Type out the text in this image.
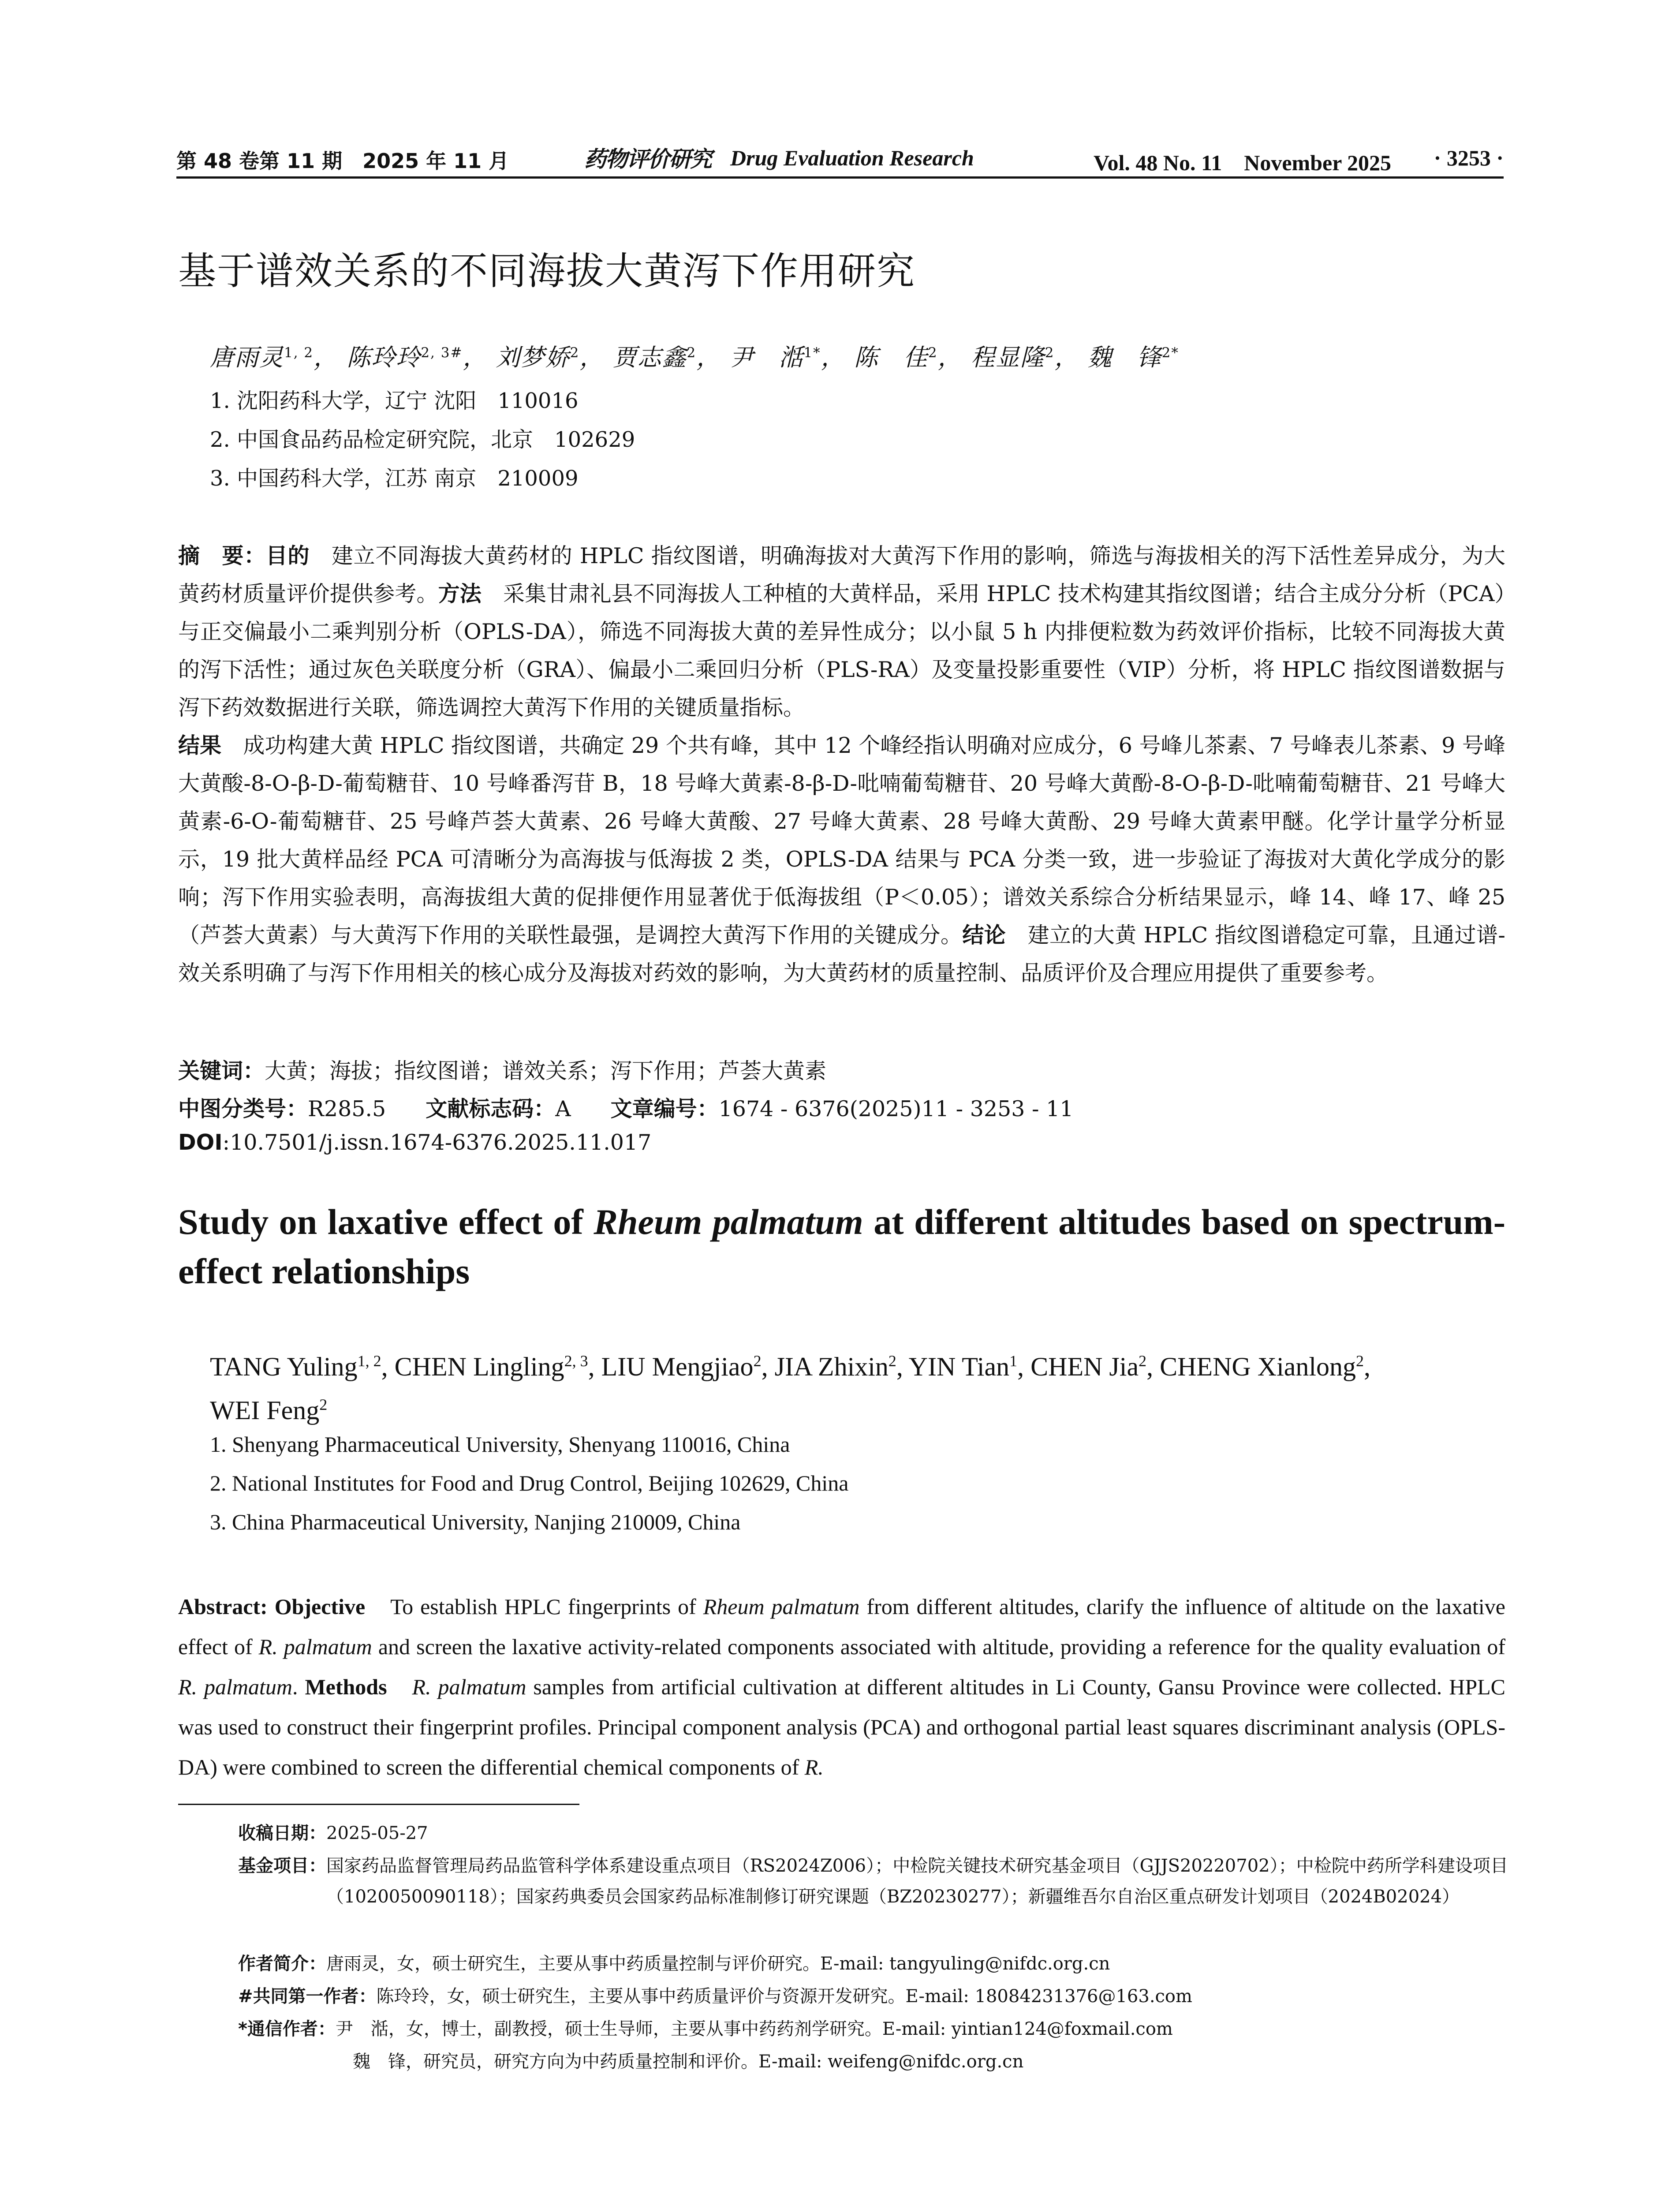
第 48 卷第 11 期　2025 年 11 月	药物评价研究 Drug Evaluation Research	Vol. 48 No. 11　November 2025 · 3253 ·
基于谱效关系的不同海拔大黄泻下作用研究
唐雨灵$^{1, 2}$， 陈玲玲$^{2, 3\#}$， 刘梦娇$^2$， 贾志鑫$^2$， 尹　湉$^{1*}$， 陈　佳$^2$， 程显隆$^2$， 魏　锋$^{2*}$
1. 沈阳药科大学，辽宁 沈阳　110016
2. 中国食品药品检定研究院，北京　102629
3. 中国药科大学，江苏 南京　210009
摘　要：目的　建立不同海拔大黄药材的 HPLC 指纹图谱，明确海拔对大黄泻下作用的影响，筛选与海拔相关的泻下活性差异成分，为大黄药材质量评价提供参考。方法　采集甘肃礼县不同海拔人工种植的大黄样品，采用 HPLC 技术构建其指纹图谱；结合主成分分析（PCA）与正交偏最小二乘判别分析（OPLS-DA），筛选不同海拔大黄的差异性成分；以小鼠 5 h 内排便粒数为药效评价指标，比较不同海拔大黄的泻下活性；通过灰色关联度分析（GRA）、偏最小二乘回归分析（PLS-RA）及变量投影重要性（VIP）分析，将 HPLC 指纹图谱数据与泻下药效数据进行关联，筛选调控大黄泻下作用的关键质量指标。
结果　成功构建大黄 HPLC 指纹图谱，共确定 29 个共有峰，其中 12 个峰经指认明确对应成分，6 号峰儿茶素、7 号峰表儿茶素、9 号峰大黄酸-8-O-β-D-葡萄糖苷、10 号峰番泻苷 B，18 号峰大黄素-8-β-D-吡喃葡萄糖苷、20 号峰大黄酚-8-O-β-D-吡喃葡萄糖苷、21 号峰大黄素-6-O-葡萄糖苷、25 号峰芦荟大黄素、26 号峰大黄酸、27 号峰大黄素、28 号峰大黄酚、29 号峰大黄素甲醚。化学计量学分析显示，19 批大黄样品经 PCA 可清晰分为高海拔与低海拔 2 类，OPLS-DA 结果与 PCA 分类一致，进一步验证了海拔对大黄化学成分的影响；泻下作用实验表明，高海拔组大黄的促排便作用显著优于低海拔组（P＜0.05）；谱效关系综合分析结果显示，峰 14、峰 17、峰 25（芦荟大黄素）与大黄泻下作用的关联性最强，是调控大黄泻下作用的关键成分。结论　建立的大黄 HPLC 指纹图谱稳定可靠，且通过谱-效关系明确了与泻下作用相关的核心成分及海拔对药效的影响，为大黄药材的质量控制、品质评价及合理应用提供了重要参考。
关键词：大黄；海拔；指纹图谱；谱效关系；泻下作用；芦荟大黄素
中图分类号：R285.5 文献标志码：A 文章编号：1674 - 6376(2025)11 - 3253 - 11
DOI:10.7501/j.issn.1674-6376.2025.11.017
Study on laxative effect of Rheum palmatum at different altitudes based on spectrum-effect relationships
TANG Yuling$^{1, 2}$, CHEN Lingling$^{2, 3}$, LIU Mengjiao$^2$, JIA Zhixin$^2$, YIN Tian$^1$, CHEN Jia$^2$, CHENG Xianlong$^2$,
WEI Feng$^2$
1. Shenyang Pharmaceutical University, Shenyang 110016, China
2. National Institutes for Food and Drug Control, Beijing 102629, China
3. China Pharmaceutical University, Nanjing 210009, China
Abstract: Objective　To establish HPLC fingerprints of Rheum palmatum from different altitudes, clarify the influence of altitude on the laxative effect of R. palmatum and screen the laxative activity-related components associated with altitude, providing a reference for the quality evaluation of R. palmatum. Methods　 R. palmatum samples from artificial cultivation at different altitudes in Li County, Gansu Province were collected. HPLC was used to construct their fingerprint profiles. Principal component analysis (PCA) and orthogonal partial least squares discriminant analysis (OPLS-DA) were combined to screen the differential chemical components of R.
收稿日期： 2025-05-27
基金项目： 国家药品监督管理局药品监管科学体系建设重点项目（RS2024Z006）；中检院关键技术研究基金项目（GJJS20220702）；中检院中药所学科建设项目（1020050090118）；国家药典委员会国家药品标准制修订研究课题（BZ20230277）；新疆维吾尔自治区重点研发计划项目（2024B02024）
作者简介： 唐雨灵，女，硕士研究生，主要从事中药质量控制与评价研究。E-mail: tangyuling@nifdc.org.cn
#共同第一作者： 陈玲玲，女，硕士研究生，主要从事中药质量评价与资源开发研究。E-mail: 18084231376@163.com
*通信作者： 尹　湉，女，博士，副教授，硕士生导师，主要从事中药药剂学研究。E-mail: yintian124@foxmail.com
魏　锋，研究员，研究方向为中药质量控制和评价。E-mail: weifeng@nifdc.org.cn
